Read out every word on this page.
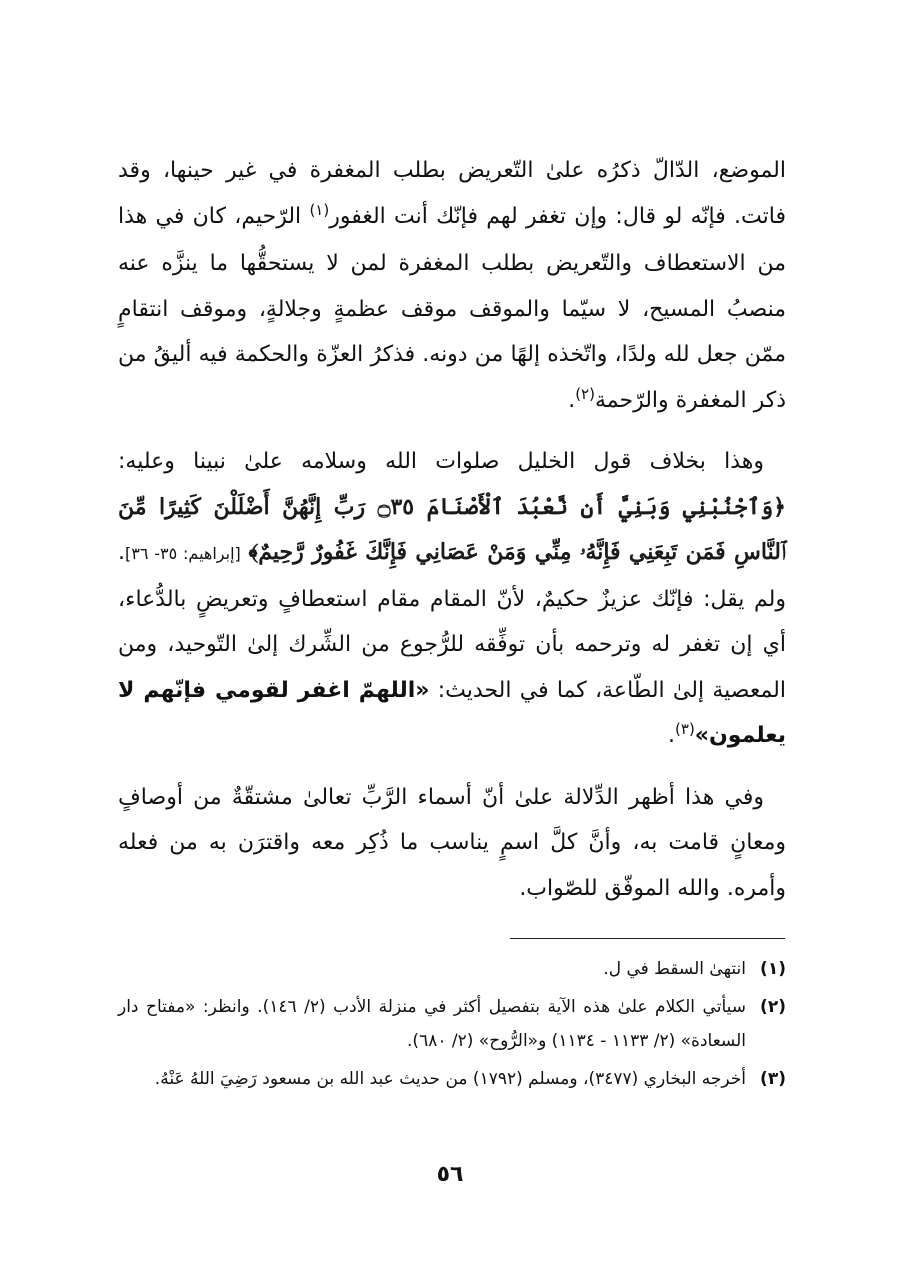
الموضع، الدّالّ ذكرُه علىٰ التّعريض بطلب المغفرة في غير حينها، وقد فاتت. فإنّه لو قال: وإن تغفر لهم فإنّك أنت الغفور$^{(١)}$ الرّحيم، كان في هذا من الاستعطاف والتّعريض بطلب المغفرة لمن لا يستحقُّها ما ينزَّه عنه منصبُ المسيح، لا سيّما والموقف موقف عظمةٍ وجلالةٍ، وموقف انتقامٍ ممّن جعل لله ولدًا، واتّخذه إلهًا من دونه. فذكرُ العزّة والحكمة فيه أليقُ من ذكر المغفرة والرّحمة$^{(٢)}$.

وهذا بخلاف قول الخليل صلوات الله وسلامه علىٰ نبينا وعليه: ﴿وَٱجْنُبْنِي وَبَنِيَّ أَن نَّعْبُدَ ٱلْأَصْنَامَ ۝٣٥ رَبِّ إِنَّهُنَّ أَضْلَلْنَ كَثِيرًا مِّنَ ٱلنَّاسِ فَمَن تَبِعَنِي فَإِنَّهُۥ مِنِّي وَمَنْ عَصَانِي فَإِنَّكَ غَفُورٌ رَّحِيمٌ﴾ [إبراهيم: ٣٥- ٣٦]. ولم يقل: فإنّك عزيزٌ حكيمٌ، لأنّ المقام مقام استعطافٍ وتعريضٍ بالدُّعاء، أي إن تغفر له وترحمه بأن توفِّقه للرُّجوع من الشِّرك إلىٰ التّوحيد، ومن المعصية إلىٰ الطّاعة، كما في الحديث: «اللهمّ اغفر لقومي فإنّهم لا يعلمون»$^{(٣)}$.

وفي هذا أظهر الدِّلالة علىٰ أنّ أسماء الرَّبِّ تعالىٰ مشتقّةٌ من أوصافٍ ومعانٍ قامت به، وأنَّ كلَّ اسمٍ يناسب ما ذُكِر معه واقترَن به من فعله وأمره. والله الموفّق للصّواب.

(١)
انتهىٰ السقط في ل.

(٢)
سيأتي الكلام علىٰ هذه الآية بتفصيل أكثر في منزلة الأدب (٢/ ١٤٦). وانظر: «مفتاح دار السعادة» (٢/ ١١٣٣ - ١١٣٤) و«الرُّوح» (٢/ ٦٨٠).

(٣)
أخرجه البخاري (٣٤٧٧)، ومسلم (١٧٩٢) من حديث عبد الله بن مسعود رَضِيَ اللهُ عَنْهُ.

٥٦
